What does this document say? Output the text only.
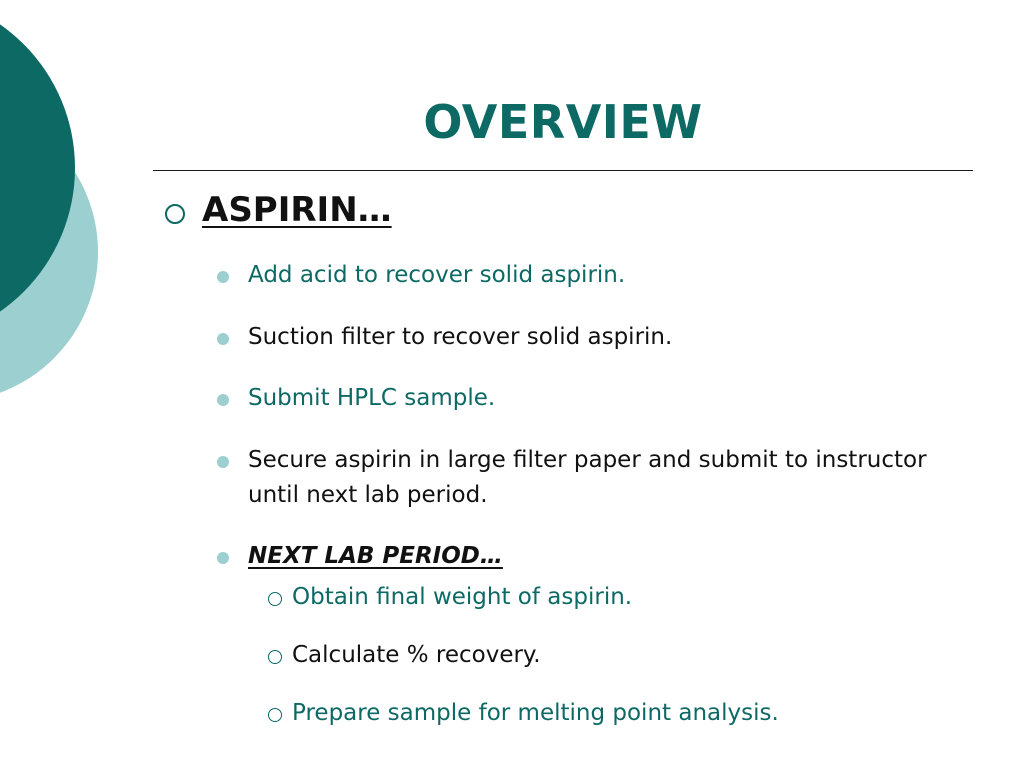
OVERVIEW
ASPIRIN…
Add acid to recover solid aspirin.
Suction filter to recover solid aspirin.
Submit HPLC sample.
Secure aspirin in large filter paper and submit to instructor
until next lab period.
NEXT LAB PERIOD…
Obtain final weight of aspirin.
Calculate % recovery.
Prepare sample for melting point analysis.
